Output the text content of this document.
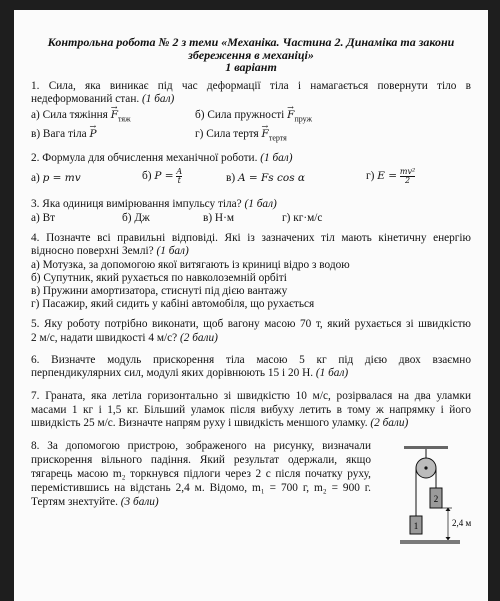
Контрольна робота № 2 з теми «Механіка. Частина 2. Динаміка та закони
збереження в механіці»
1 варіант
1. Сила, яка виникає під час деформації тіла і намагається повернути тіло в
недеформований стан. (1 бал)
а) Сила тяжіння → $F_{тяж}$	б) Сила пружності → $F_{пруж}$
в) Вага тіла → P	г) Сила тертя → $F_{тертя}$
2. Формула для обчислення механічної роботи. (1 бал)
а) p = mv	б) $P = \frac{A}{t}$	в) A = Fs cos α	г) $E = \frac{\text{mv²}}{2}$
3. Яка одиниця вимірювання імпульсу тіла? (1 бал)
а) Вт	б) Дж	в) Н·м	г) кг·м/с
4. Позначте всі правильні відповіді. Які із зазначених тіл мають кінетичну енергію
відносно поверхні Землі? (1 бал)
а) Мотузка, за допомогою якої витягають із криниці відро з водою
б) Супутник, який рухається по навколоземній орбіті
в) Пружини амортизатора, стиснуті під дією вантажу
г) Пасажир, який сидить у кабіні автомобіля, що рухається
5. Яку роботу потрібно виконати, щоб вагону масою 70 т, який рухається зі швидкістю
2 м/с, надати швидкості 4 м/с? (2 бали)
6. Визначте модуль прискорення тіла масою 5 кг під дією двох взаємно
перпендикулярних сил, модулі яких дорівнюють 15 і 20 Н. (1 бал)
7. Граната, яка летіла горизонтально зі швидкістю 10 м/с, розірвалася на два уламки
масами 1 кг і 1,5 кг. Більший уламок після вибуху летить в тому ж напрямку і його
швидкість 25 м/с. Визначте напрям руху і швидкість меншого уламку. (2 бали)
8. За допомогою пристрою, зображеного на рисунку, визначали
прискорення вільного падіння. Який результат одержали, якщо
тягарець масою m₂ торкнувся підлоги через 2 с після початку руху,
перемістившись на відстань 2,4 м. Відомо, m₁ = 700 г, m₂ = 900 г.
Тертям знехтуйте. (3 бали)
1
2
2,4 м
